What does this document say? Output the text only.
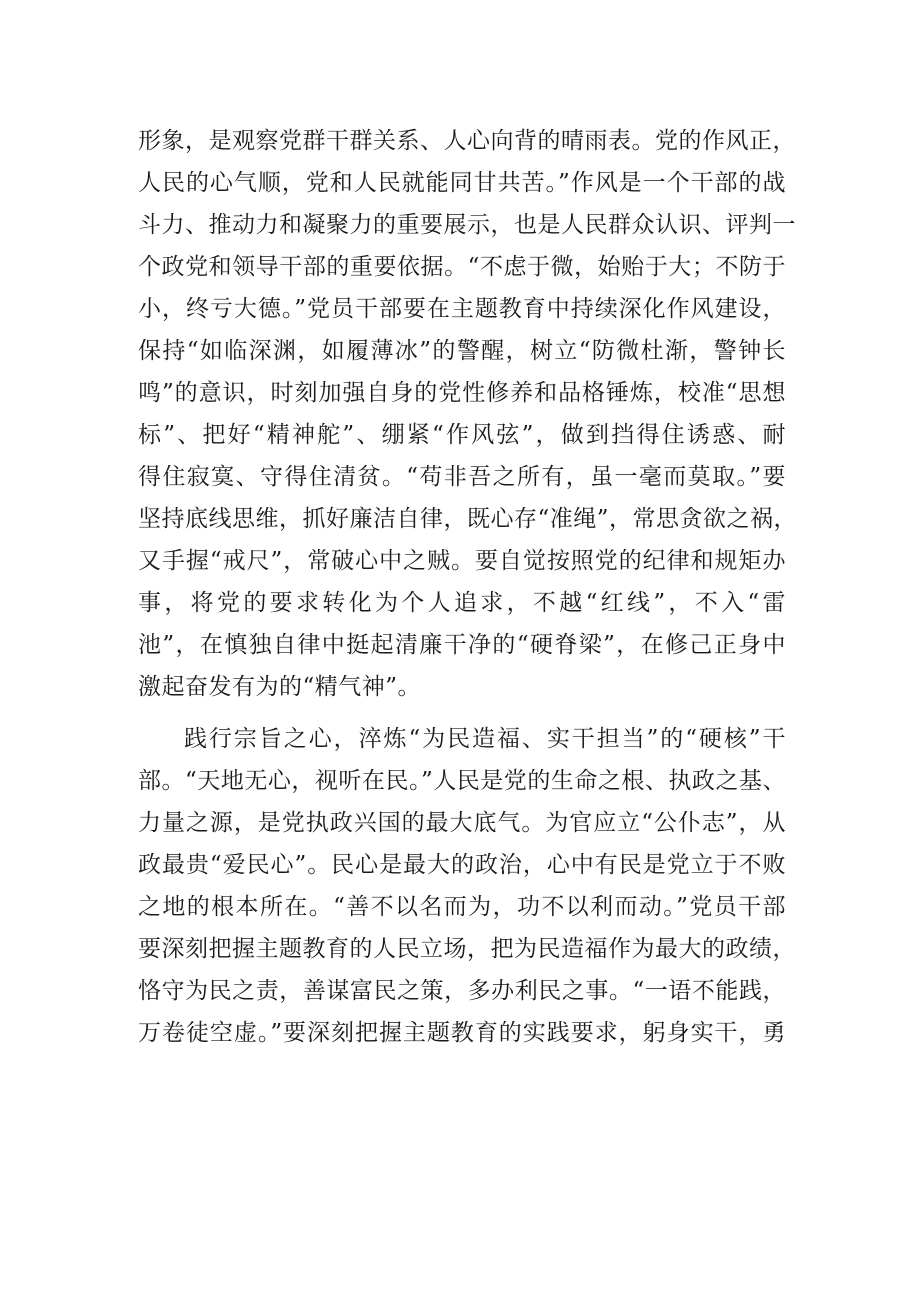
形象，是观察党群干群关系、人心向背的晴雨表。党的作风正，
人民的心气顺，党和人民就能同甘共苦。”作风是一个干部的战
斗力、推动力和凝聚力的重要展示，也是人民群众认识、评判一
个政党和领导干部的重要依据。“不虑于微，始贻于大；不防于
小，终亏大德。”党员干部要在主题教育中持续深化作风建设，
保持“如临深渊，如履薄冰”的警醒，树立“防微杜渐，警钟长
鸣”的意识，时刻加强自身的党性修养和品格锤炼，校准“思想
标”、把好“精神舵”、绷紧“作风弦”，做到挡得住诱惑、耐
得住寂寞、守得住清贫。“苟非吾之所有，虽一毫而莫取。”要
坚持底线思维，抓好廉洁自律，既心存“准绳”，常思贪欲之祸，
又手握“戒尺”，常破心中之贼。要自觉按照党的纪律和规矩办
事，将党的要求转化为个人追求，不越“红线”，不入“雷
池”，在慎独自律中挺起清廉干净的“硬脊梁”，在修己正身中
激起奋发有为的“精气神”。
践行宗旨之心，淬炼“为民造福、实干担当”的“硬核”干
部。“天地无心，视听在民。”人民是党的生命之根、执政之基、
力量之源，是党执政兴国的最大底气。为官应立“公仆志”，从
政最贵“爱民心”。民心是最大的政治，心中有民是党立于不败
之地的根本所在。“善不以名而为，功不以利而动。”党员干部
要深刻把握主题教育的人民立场，把为民造福作为最大的政绩，
恪守为民之责，善谋富民之策，多办利民之事。“一语不能践，
万卷徒空虚。”要深刻把握主题教育的实践要求，躬身实干，勇
